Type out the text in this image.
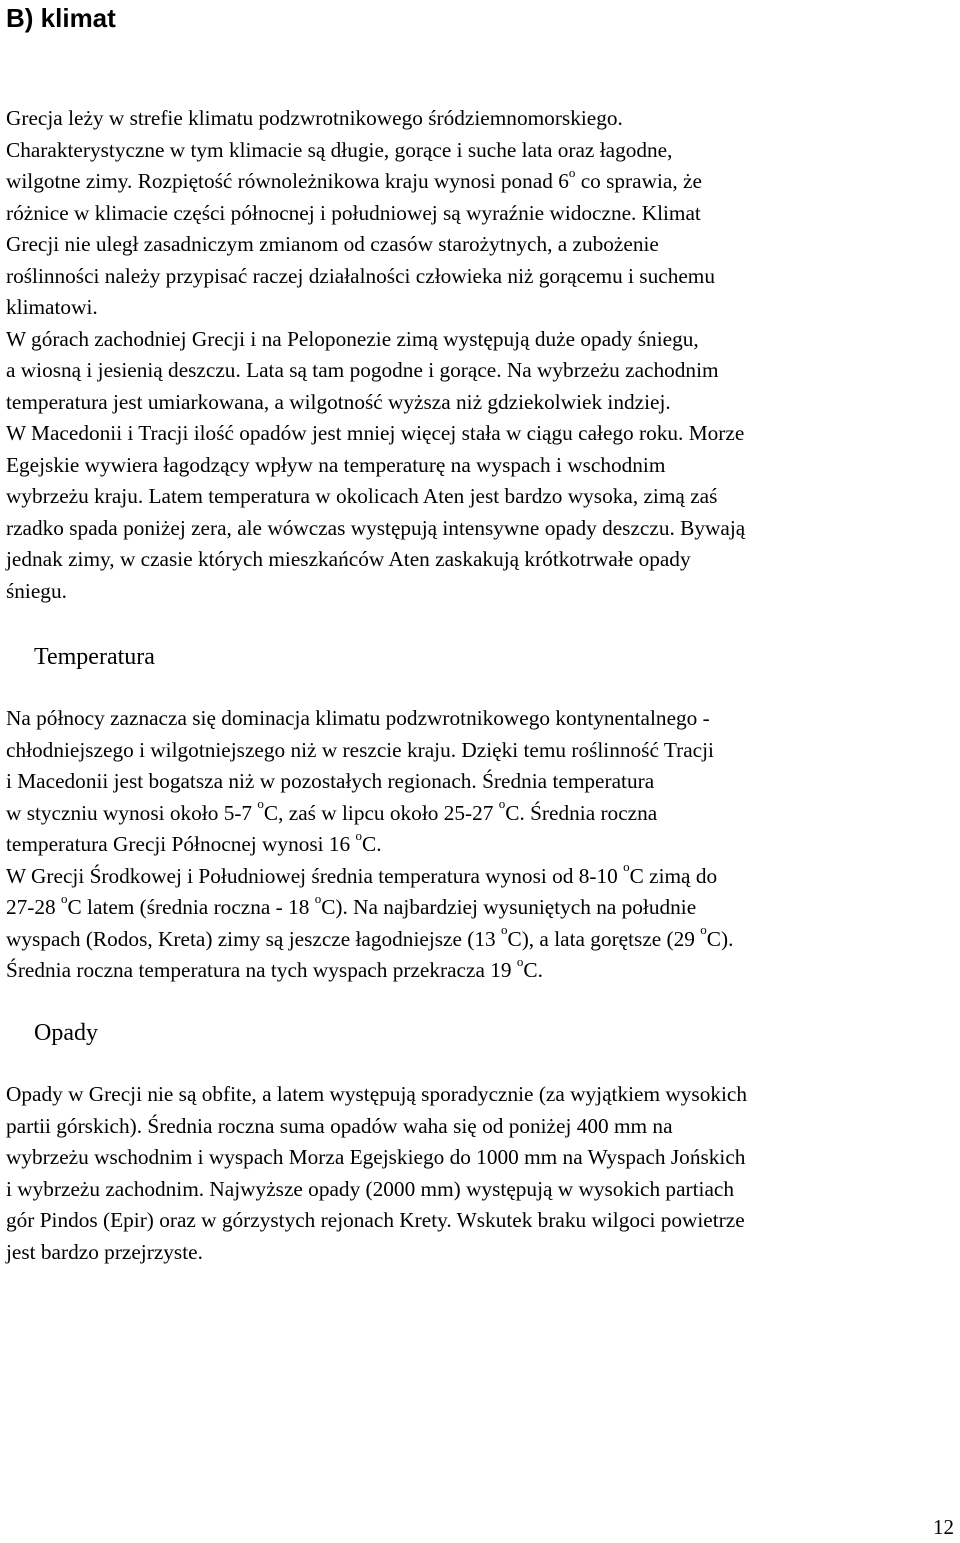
B) klimat
Grecja leży w strefie klimatu podzwrotnikowego śródziemnomorskiego.
Charakterystyczne w tym klimacie są długie, gorące i suche lata oraz łagodne,
wilgotne zimy. Rozpiętość równoleżnikowa kraju wynosi ponad 6$^o$ co sprawia, że
różnice w klimacie części północnej i południowej są wyraźnie widoczne. Klimat
Grecji nie uległ zasadniczym zmianom od czasów starożytnych, a zubożenie
roślinności należy przypisać raczej działalności człowieka niż gorącemu i suchemu
klimatowi.
W górach zachodniej Grecji i na Peloponezie zimą występują duże opady śniegu,
a wiosną i jesienią deszczu. Lata są tam pogodne i gorące. Na wybrzeżu zachodnim
temperatura jest umiarkowana, a wilgotność wyższa niż gdziekolwiek indziej.
W Macedonii i Tracji ilość opadów jest mniej więcej stała w ciągu całego roku. Morze
Egejskie wywiera łagodzący wpływ na temperaturę na wyspach i wschodnim
wybrzeżu kraju. Latem temperatura w okolicach Aten jest bardzo wysoka, zimą zaś
rzadko spada poniżej zera, ale wówczas występują intensywne opady deszczu. Bywają
jednak zimy, w czasie których mieszkańców Aten zaskakują krótkotrwałe opady
śniegu.
Temperatura
Na północy zaznacza się dominacja klimatu podzwrotnikowego kontynentalnego -
chłodniejszego i wilgotniejszego niż w reszcie kraju. Dzięki temu roślinność Tracji
i Macedonii jest bogatsza niż w pozostałych regionach. Średnia temperatura
w styczniu wynosi około 5-7 $^o$C, zaś w lipcu około 25-27 $^o$C. Średnia roczna
temperatura Grecji Północnej wynosi 16 $^o$C.
W Grecji Środkowej i Południowej średnia temperatura wynosi od 8-10 $^o$C zimą do
27-28 $^o$C latem (średnia roczna - 18 $^o$C). Na najbardziej wysuniętych na południe
wyspach (Rodos, Kreta) zimy są jeszcze łagodniejsze (13 $^o$C), a lata gorętsze (29 $^o$C).
Średnia roczna temperatura na tych wyspach przekracza 19 $^o$C.
Opady
Opady w Grecji nie są obfite, a latem występują sporadycznie (za wyjątkiem wysokich
partii górskich). Średnia roczna suma opadów waha się od poniżej 400 mm na
wybrzeżu wschodnim i wyspach Morza Egejskiego do 1000 mm na Wyspach Jońskich
i wybrzeżu zachodnim. Najwyższe opady (2000 mm) występują w wysokich partiach
gór Pindos (Epir) oraz w górzystych rejonach Krety. Wskutek braku wilgoci powietrze
jest bardzo przejrzyste.
12
